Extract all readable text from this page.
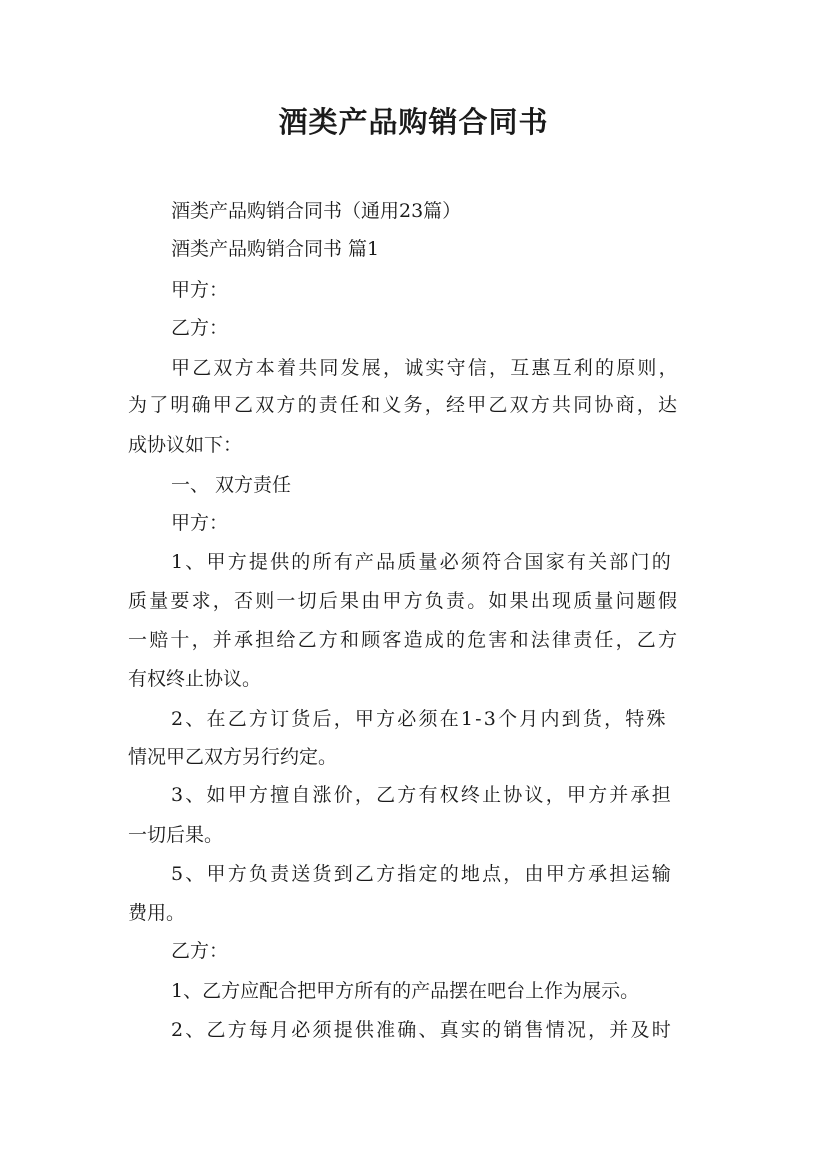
酒类产品购销合同书
酒类产品购销合同书（通用23篇）
酒类产品购销合同书 篇1
甲方：
乙方：
甲乙双方本着共同发展，诚实守信，互惠互利的原则，
为了明确甲乙双方的责任和义务，经甲乙双方共同协商，达
成协议如下：
一、 双方责任
甲方：
1、甲方提供的所有产品质量必须符合国家有关部门的
质量要求，否则一切后果由甲方负责。如果出现质量问题假
一赔十，并承担给乙方和顾客造成的危害和法律责任，乙方
有权终止协议。
2、在乙方订货后，甲方必须在1-3个月内到货，特殊
情况甲乙双方另行约定。
3、如甲方擅自涨价，乙方有权终止协议，甲方并承担
一切后果。
5、甲方负责送货到乙方指定的地点，由甲方承担运输
费用。
乙方：
1、乙方应配合把甲方所有的产品摆在吧台上作为展示。
2、乙方每月必须提供准确、真实的销售情况，并及时
